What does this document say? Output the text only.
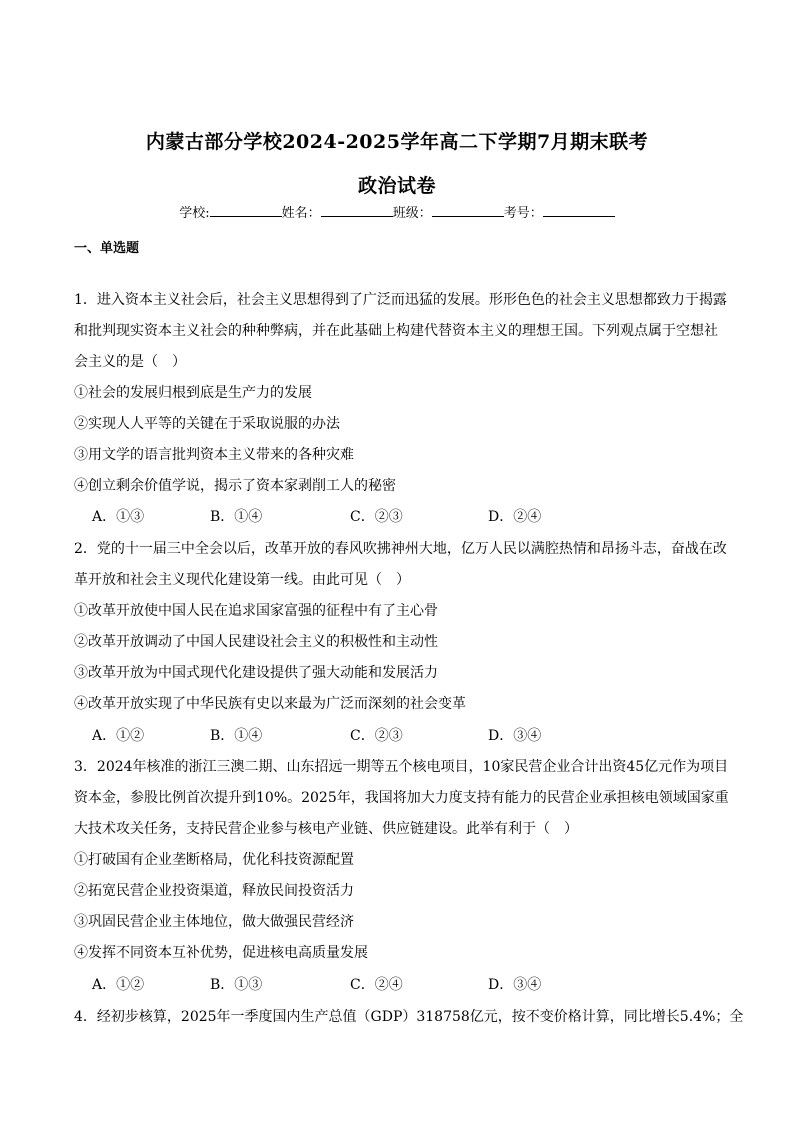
内蒙古部分学校2024-2025学年高二下学期7月期末联考
政治试卷
学校:	姓名：	班级：	考号：
一、单选题
1．进入资本主义社会后，社会主义思想得到了广泛而迅猛的发展。形形色色的社会主义思想都致力于揭露
和批判现实资本主义社会的种种弊病，并在此基础上构建代替资本主义的理想王国。下列观点属于空想社
会主义的是（　）
①社会的发展归根到底是生产力的发展
②实现人人平等的关键在于采取说服的办法
③用文学的语言批判资本主义带来的各种灾难
④创立剩余价值学说，揭示了资本家剥削工人的秘密
A．①③	B．①④	C．②③	D．②④
2．党的十一届三中全会以后，改革开放的春风吹拂神州大地，亿万人民以满腔热情和昂扬斗志，奋战在改
革开放和社会主义现代化建设第一线。由此可见（　）
①改革开放使中国人民在追求国家富强的征程中有了主心骨
②改革开放调动了中国人民建设社会主义的积极性和主动性
③改革开放为中国式现代化建设提供了强大动能和发展活力
④改革开放实现了中华民族有史以来最为广泛而深刻的社会变革
A．①②	B．①④	C．②③	D．③④
3．2024年核准的浙江三澳二期、山东招远一期等五个核电项目，10家民营企业合计出资45亿元作为项目
资本金，参股比例首次提升到10%。2025年，我国将加大力度支持有能力的民营企业承担核电领域国家重
大技术攻关任务，支持民营企业参与核电产业链、供应链建设。此举有利于（　）
①打破国有企业垄断格局，优化科技资源配置
②拓宽民营企业投资渠道，释放民间投资活力
③巩固民营企业主体地位，做大做强民营经济
④发挥不同资本互补优势，促进核电高质量发展
A．①②	B．①③	C．②④	D．③④
4．经初步核算，2025年一季度国内生产总值（GDP）318758亿元，按不变价格计算，同比增长5.4%；全
